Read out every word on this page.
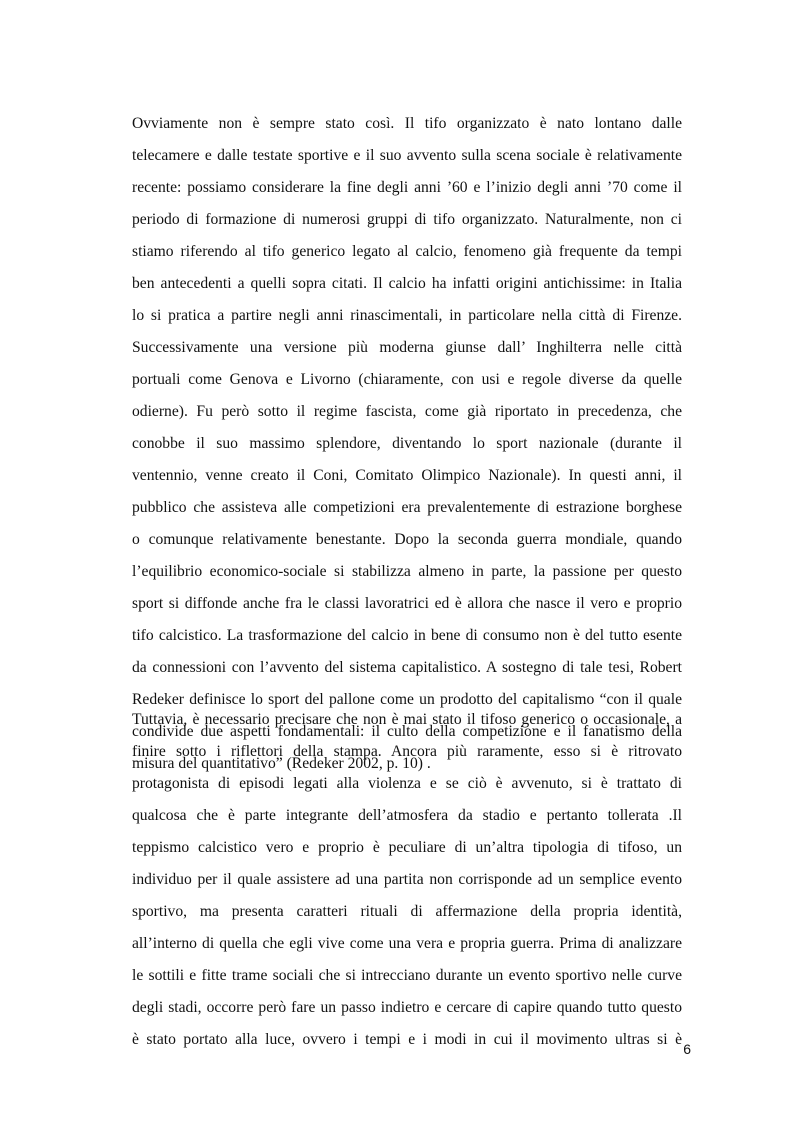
Ovviamente non è sempre stato così. Il tifo organizzato è nato lontano dalle
telecamere e dalle testate sportive e il suo avvento sulla scena sociale è relativamente
recente: possiamo considerare la fine degli anni ’60 e l’inizio degli anni ’70 come il
periodo di formazione di numerosi gruppi di tifo organizzato. Naturalmente, non ci
stiamo riferendo al tifo generico legato al calcio, fenomeno già frequente da tempi
ben antecedenti a quelli sopra citati. Il calcio ha infatti origini antichissime: in Italia
lo si pratica a partire negli anni rinascimentali, in particolare nella città di Firenze.
Successivamente una versione più moderna giunse dall’ Inghilterra nelle città
portuali come Genova e Livorno (chiaramente, con usi e regole diverse da quelle
odierne). Fu però sotto il regime fascista, come già riportato in precedenza, che
conobbe il suo massimo splendore, diventando lo sport nazionale (durante il
ventennio, venne creato il Coni, Comitato Olimpico Nazionale). In questi anni, il
pubblico che assisteva alle competizioni era prevalentemente di estrazione borghese
o comunque relativamente benestante. Dopo la seconda guerra mondiale, quando
l’equilibrio economico-sociale si stabilizza almeno in parte, la passione per questo
sport si diffonde anche fra le classi lavoratrici ed è allora che nasce il vero e proprio
tifo calcistico. La trasformazione del calcio in bene di consumo non è del tutto esente
da connessioni con l’avvento del sistema capitalistico. A sostegno di tale tesi, Robert
Redeker definisce lo sport del pallone come un prodotto del capitalismo “con il quale
condivide due aspetti fondamentali: il culto della competizione e il fanatismo della
misura del quantitativo” (Redeker 2002, p. 10) .
Tuttavia, è necessario precisare che non è mai stato il tifoso generico o occasionale, a
finire sotto i riflettori della stampa. Ancora più raramente, esso si è ritrovato
protagonista di episodi legati alla violenza e se ciò è avvenuto, si è trattato di
qualcosa che è parte integrante dell’atmosfera da stadio e pertanto tollerata .Il
teppismo calcistico vero e proprio è peculiare di un’altra tipologia di tifoso, un
individuo per il quale assistere ad una partita non corrisponde ad un semplice evento
sportivo, ma presenta caratteri rituali di affermazione della propria identità,
all’interno di quella che egli vive come una vera e propria guerra. Prima di analizzare
le sottili e fitte trame sociali che si intrecciano durante un evento sportivo nelle curve
degli stadi, occorre però fare un passo indietro e cercare di capire quando tutto questo
è stato portato alla luce, ovvero i tempi e i modi in cui il movimento ultras si è
6
